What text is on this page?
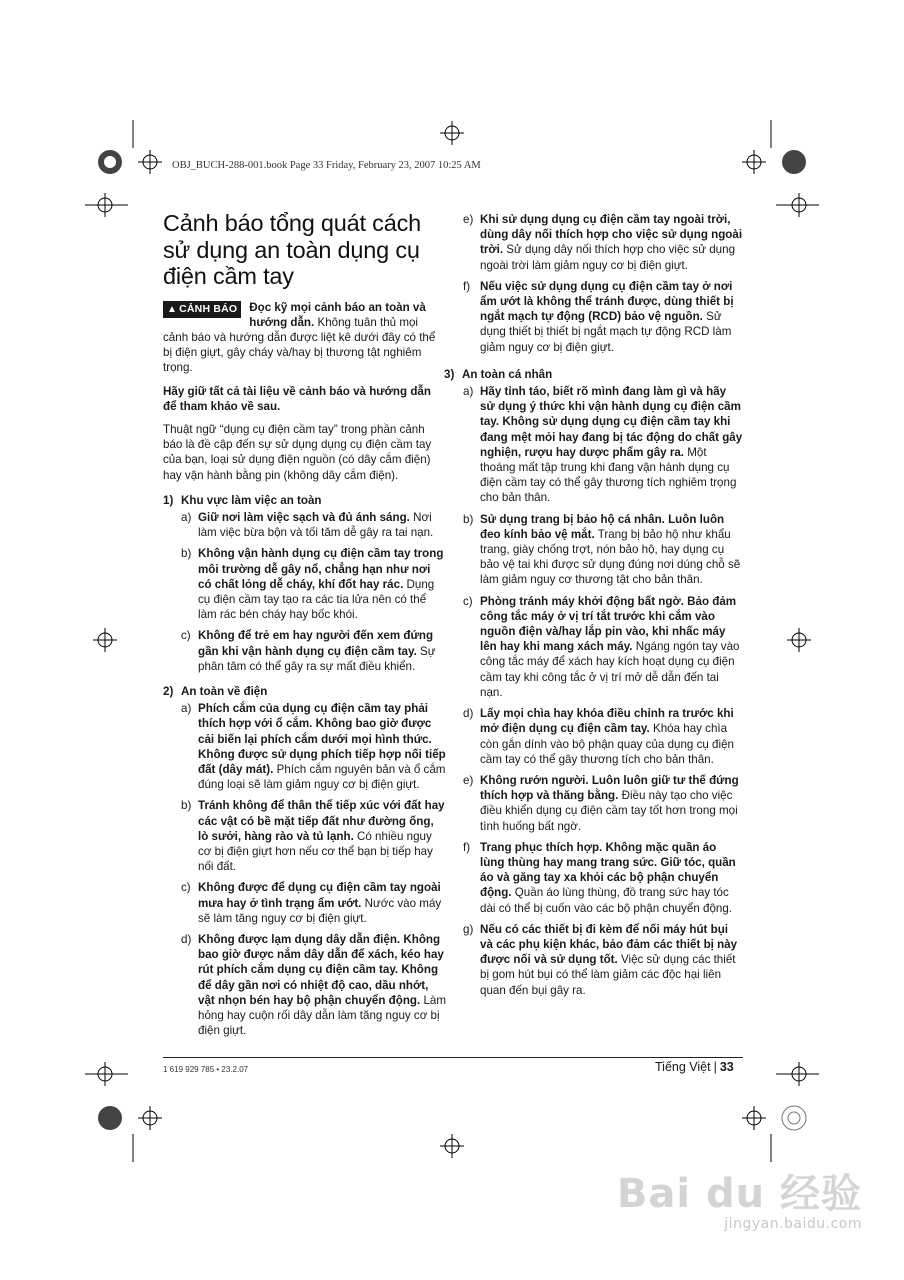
OBJ_BUCH-288-001.book Page 33 Friday, February 23, 2007 10:25 AM
Cảnh báo tổng quát cách sử dụng an toàn dụng cụ điện cầm tay
▲ CẢNH BÁO	Đọc kỹ mọi cảnh báo an toàn và hướng dẫn. Không tuân thủ mọi cảnh báo và hướng dẫn được liệt kê dưới đây có thể bị điện giựt, gây cháy và/hay bị thương tật nghiêm trọng.

Hãy giữ tất cả tài liệu về cảnh báo và hướng dẫn để tham khảo về sau.

Thuật ngữ “dụng cụ điện cầm tay” trong phần cảnh báo là đề cập đến sự sử dụng dụng cụ điện cầm tay của bạn, loại sử dụng điện nguồn (có dây cắm điện) hay vận hành bằng pin (không dây cắm điện).

1) Khu vực làm việc an toàn
a) Giữ nơi làm việc sạch và đủ ánh sáng. Nơi làm việc bừa bộn và tối tăm dễ gây ra tai nạn.
b) Không vận hành dụng cụ điện cầm tay trong môi trường dễ gây nổ, chẳng hạn như nơi có chất lỏng dễ cháy, khí đốt hay rác. Dụng cụ điện cầm tay tạo ra các tia lửa nên có thể làm rác bén cháy hay bốc khói.
c) Không để trẻ em hay người đến xem đứng gần khi vận hành dụng cụ điện cầm tay. Sự phân tâm có thể gây ra sự mất điều khiển.
2) An toàn về điện
a) Phích cắm của dụng cụ điện cầm tay phải thích hợp với ổ cắm. Không bao giờ được cải biến lại phích cắm dưới mọi hình thức. Không được sử dụng phích tiếp hợp nối tiếp đất (dây mát). Phích cắm nguyên bản và ổ cắm đúng loại sẽ làm giảm nguy cơ bị điện giựt.
b) Tránh không để thân thể tiếp xúc với đất hay các vật có bề mặt tiếp đất như đường ống, lò sưởi, hàng rào và tủ lạnh. Có nhiều nguy cơ bị điện giựt hơn nếu cơ thể bạn bị tiếp hay nối đất.
c) Không được để dụng cụ điện cầm tay ngoài mưa hay ở tình trạng ẩm ướt. Nước vào máy sẽ làm tăng nguy cơ bị điện giựt.
d) Không được lạm dụng dây dẫn điện. Không bao giờ được nắm dây dẫn để xách, kéo hay rút phích cắm dụng cụ điện cầm tay. Không để dây gần nơi có nhiệt độ cao, dầu nhớt, vật nhọn bén hay bộ phận chuyển động. Làm hỏng hay cuộn rối dây dẫn làm tăng nguy cơ bị điện giựt.
e) Khi sử dụng dụng cụ điện cầm tay ngoài trời, dùng dây nối thích hợp cho việc sử dụng ngoài trời. Sử dụng dây nối thích hợp cho việc sử dụng ngoài trời làm giảm nguy cơ bị điện giựt.
f) Nếu việc sử dụng dụng cụ điện cầm tay ở nơi ẩm ướt là không thể tránh được, dùng thiết bị ngắt mạch tự động (RCD) bảo vệ nguồn. Sử dụng thiết bị thiết bị ngắt mạch tự động RCD làm giảm nguy cơ bị điện giựt.
3) An toàn cá nhân
a) Hãy tỉnh táo, biết rõ mình đang làm gì và hãy sử dụng ý thức khi vận hành dụng cụ điện cầm tay. Không sử dụng dụng cụ điện cầm tay khi đang mệt mỏi hay đang bị tác động do chất gây nghiện, rượu hay dược phẩm gây ra. Một thoáng mất tập trung khi đang vận hành dụng cụ điện cầm tay có thể gây thương tích nghiêm trọng cho bản thân.
b) Sử dụng trang bị bảo hộ cá nhân. Luôn luôn đeo kính bảo vệ mắt. Trang bị bảo hộ như khẩu trang, giày chống trợt, nón bảo hộ, hay dụng cụ bảo vệ tai khi được sử dụng đúng nơi dúng chỗ sẽ làm giảm nguy cơ thương tật cho bản thân.
c) Phòng tránh máy khởi động bất ngờ. Bảo đảm công tắc máy ở vị trí tắt trước khi cắm vào nguồn điện và/hay lắp pin vào, khi nhấc máy lên hay khi mang xách máy. Ngáng ngón tay vào công tắc máy để xách hay kích hoạt dụng cụ điện cầm tay khi công tắc ở vị trí mở dễ dẫn đến tai nạn.
d) Lấy mọi chìa hay khóa điều chỉnh ra trước khi mở điện dụng cụ điện cầm tay. Khóa hay chìa còn gắn dính vào bộ phận quay của dụng cụ điện cầm tay có thể gây thương tích cho bản thân.
e) Không rướn người. Luôn luôn giữ tư thế đứng thích hợp và thăng bằng. Điều này tạo cho việc điều khiển dụng cụ điện cầm tay tốt hơn trong mọi tình huống bất ngờ.
f) Trang phục thích hợp. Không mặc quần áo lùng thùng hay mang trang sức. Giữ tóc, quần áo và găng tay xa khỏi các bộ phận chuyển động. Quần áo lùng thùng, đồ trang sức hay tóc dài có thể bị cuốn vào các bộ phận chuyển động.
g) Nếu có các thiết bị đi kèm để nối máy hút bụi và các phụ kiện khác, bảo đảm các thiết bị này được nối và sử dụng tốt. Việc sử dụng các thiết bị gom hút bụi có thể làm giảm các độc hại liên quan đến bụi gây ra.
1 619 929 785 • 23.2.07	Tiếng Việt | 33
Bai du 经验
jingyan.baidu.com
